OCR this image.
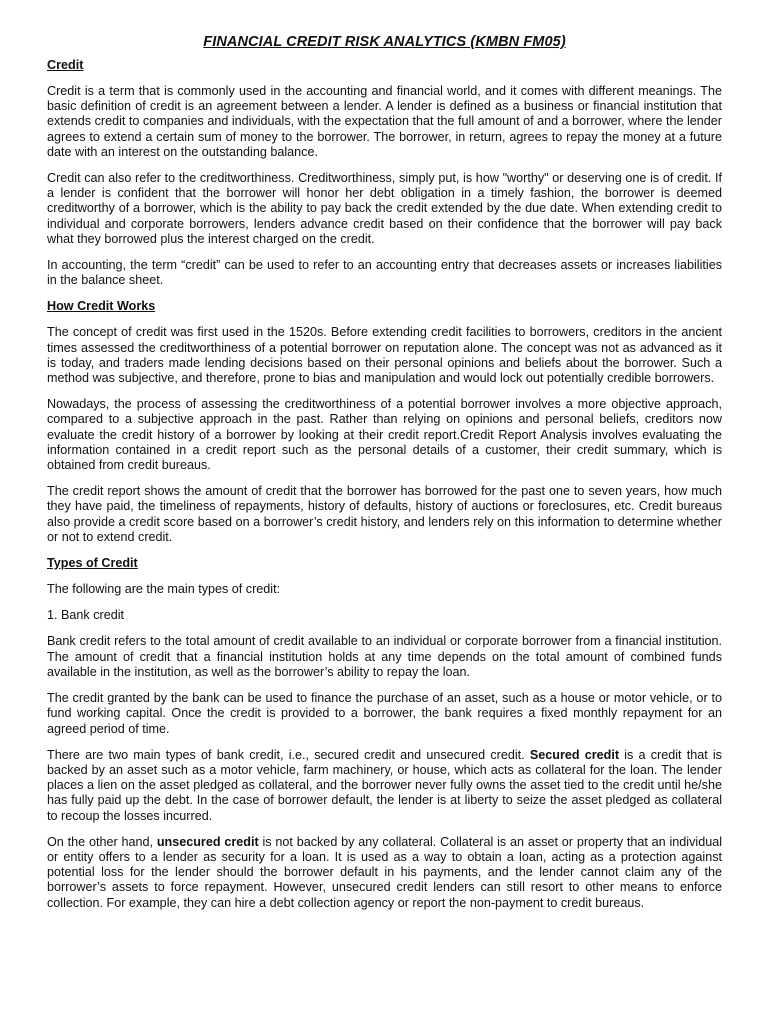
FINANCIAL CREDIT RISK ANALYTICS (KMBN FM05)
Credit

Credit is a term that is commonly used in the accounting and financial world, and it comes with different meanings. The basic definition of credit is an agreement between a lender. A lender is defined as a business or financial institution that extends credit to companies and individuals, with the expectation that the full amount of and a borrower, where the lender agrees to extend a certain sum of money to the borrower. The borrower, in return, agrees to repay the money at a future date with an interest on the outstanding balance.

Credit can also refer to the creditworthiness. Creditworthiness, simply put, is how "worthy" or deserving one is of credit. If a lender is confident that the borrower will honor her debt obligation in a timely fashion, the borrower is deemed creditworthy of a borrower, which is the ability to pay back the credit extended by the due date. When extending credit to individual and corporate borrowers, lenders advance credit based on their confidence that the borrower will pay back what they borrowed plus the interest charged on the credit.

In accounting, the term “credit” can be used to refer to an accounting entry that decreases assets or increases liabilities in the balance sheet.

How Credit Works

The concept of credit was first used in the 1520s. Before extending credit facilities to borrowers, creditors in the ancient times assessed the creditworthiness of a potential borrower on reputation alone. The concept was not as advanced as it is today, and traders made lending decisions based on their personal opinions and beliefs about the borrower. Such a method was subjective, and therefore, prone to bias and manipulation and would lock out potentially credible borrowers.

Nowadays, the process of assessing the creditworthiness of a potential borrower involves a more objective approach, compared to a subjective approach in the past. Rather than relying on opinions and personal beliefs, creditors now evaluate the credit history of a borrower by looking at their credit report.Credit Report Analysis involves evaluating the information contained in a credit report such as the personal details of a customer, their credit summary, which is obtained from credit bureaus.

The credit report shows the amount of credit that the borrower has borrowed for the past one to seven years, how much they have paid, the timeliness of repayments, history of defaults, history of auctions or foreclosures, etc. Credit bureaus also provide a credit score based on a borrower’s credit history, and lenders rely on this information to determine whether or not to extend credit.

Types of Credit

The following are the main types of credit:

1. Bank credit

Bank credit refers to the total amount of credit available to an individual or corporate borrower from a financial institution. The amount of credit that a financial institution holds at any time depends on the total amount of combined funds available in the institution, as well as the borrower’s ability to repay the loan.

The credit granted by the bank can be used to finance the purchase of an asset, such as a house or motor vehicle, or to fund working capital. Once the credit is provided to a borrower, the bank requires a fixed monthly repayment for an agreed period of time.

There are two main types of bank credit, i.e., secured credit and unsecured credit. Secured credit is a credit that is backed by an asset such as a motor vehicle, farm machinery, or house, which acts as collateral for the loan. The lender places a lien on the asset pledged as collateral, and the borrower never fully owns the asset tied to the credit until he/she has fully paid up the debt. In the case of borrower default, the lender is at liberty to seize the asset pledged as collateral to recoup the losses incurred.

On the other hand, unsecured credit is not backed by any collateral. Collateral is an asset or property that an individual or entity offers to a lender as security for a loan. It is used as a way to obtain a loan, acting as a protection against potential loss for the lender should the borrower default in his payments, and the lender cannot claim any of the borrower’s assets to force repayment. However, unsecured credit lenders can still resort to other means to enforce collection. For example, they can hire a debt collection agency or report the non-payment to credit bureaus.
